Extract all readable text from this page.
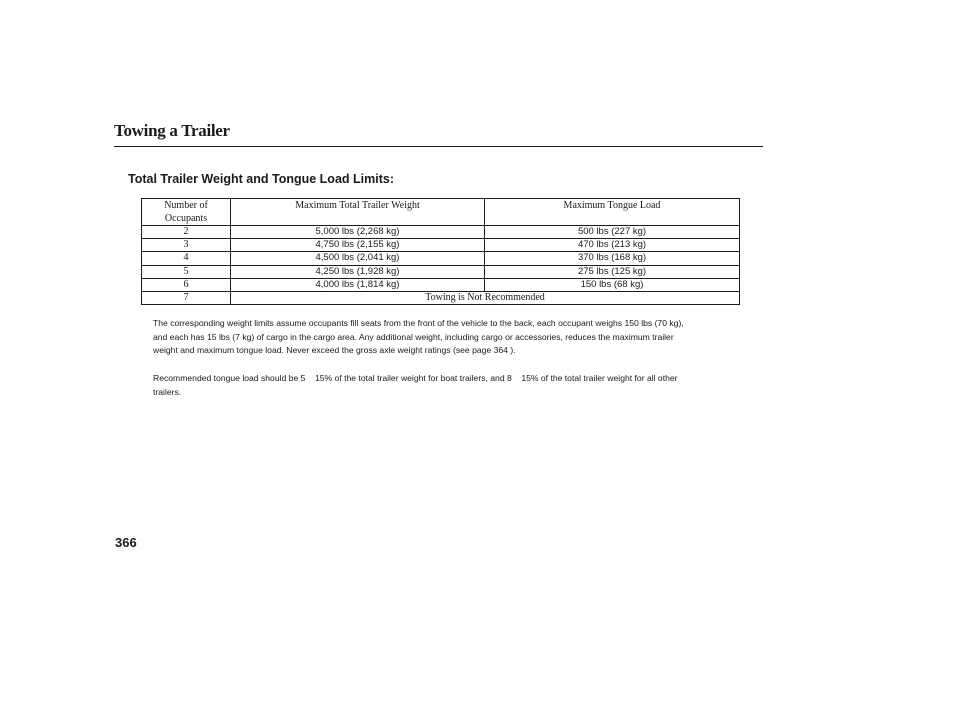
Towing a Trailer
Total Trailer Weight and Tongue Load Limits:
Number of
Occupants	Maximum Total Trailer Weight	Maximum Tongue Load
2	5,000 lbs (2,268 kg)	500 lbs (227 kg)
3	4,750 lbs (2,155 kg)	470 lbs (213 kg)
4	4,500 lbs (2,041 kg)	370 lbs (168 kg)
5	4,250 lbs (1,928 kg)	275 lbs (125 kg)
6	4,000 lbs (1,814 kg)	150 lbs (68 kg)
7	Towing is Not Recommended	
The corresponding weight limits assume occupants fill seats from the front of the vehicle to the back, each occupant weighs 150 lbs (70 kg),
and each has 15 lbs (7 kg) of cargo in the cargo area. Any additional weight, including cargo or accessories, reduces the maximum trailer
weight and maximum tongue load. Never exceed the gross axle weight ratings (see page 364 ).
Recommended tongue load should be 5    15% of the total trailer weight for boat trailers, and 8    15% of the total trailer weight for all other
trailers.
366
